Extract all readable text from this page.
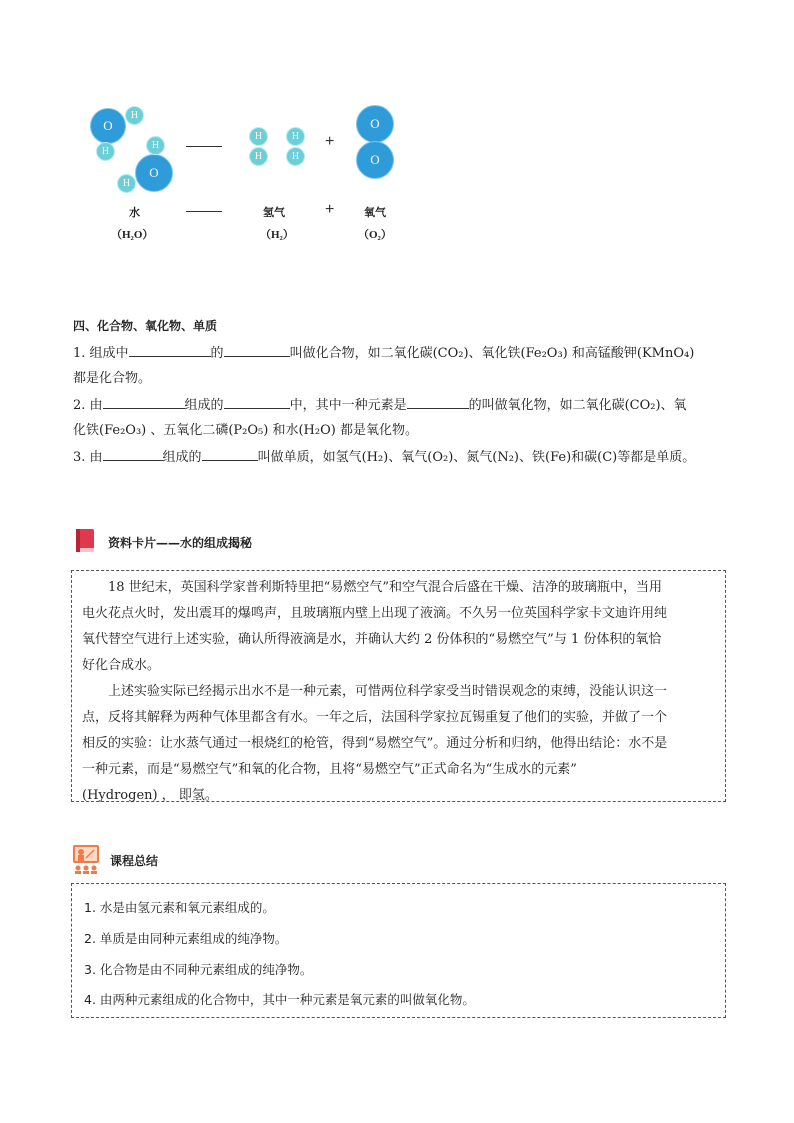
O
H
H
O
H
H
H
H
H
H
+
O
O
水
（H₂O）
氢气
（H₂）
+	氧气
（O₂）
四、化合物、氧化物、单质
1. 组成中	的	叫做化合物，如二氧化碳(CO₂)、氧化铁(Fe₂O₃) 和高锰酸钾(KMnO₄)
都是化合物。
2. 由	组成的	中，其中一种元素是	的叫做氧化物，如二氧化碳(CO₂)、氧
化铁(Fe₂O₃) 、五氧化二磷(P₂O₅) 和水(H₂O) 都是氧化物。
3. 由	组成的	叫做单质，如氢气(H₂)、氧气(O₂)、氮气(N₂)、铁(Fe)和碳(C)等都是单质。
资料卡片——水的组成揭秘
18 世纪末，英国科学家普利斯特里把“易燃空气”和空气混合后盛在干燥、洁净的玻璃瓶中，当用
电火花点火时，发出震耳的爆鸣声，且玻璃瓶内壁上出现了液滴。不久另一位英国科学家卡文迪许用纯
氧代替空气进行上述实验，确认所得液滴是水，并确认大约 2 份体积的“易燃空气”与 1 份体积的氧恰
好化合成水。
上述实验实际已经揭示出水不是一种元素，可惜两位科学家受当时错误观念的束缚，没能认识这一
点，反将其解释为两种气体里都含有水。一年之后，法国科学家拉瓦锡重复了他们的实验，并做了一个
相反的实验：让水蒸气通过一根烧红的枪管，得到“易燃空气”。通过分析和归纳，他得出结论：水不是
一种元素，而是“易燃空气”和氧的化合物，且将“易燃空气”正式命名为“生成水的元素”
(Hydrogen) ， 即氢。
课程总结
1. 水是由氢元素和氧元素组成的。
2. 单质是由同种元素组成的纯净物。
3. 化合物是由不同种元素组成的纯净物。
4. 由两种元素组成的化合物中，其中一种元素是氧元素的叫做氧化物。
